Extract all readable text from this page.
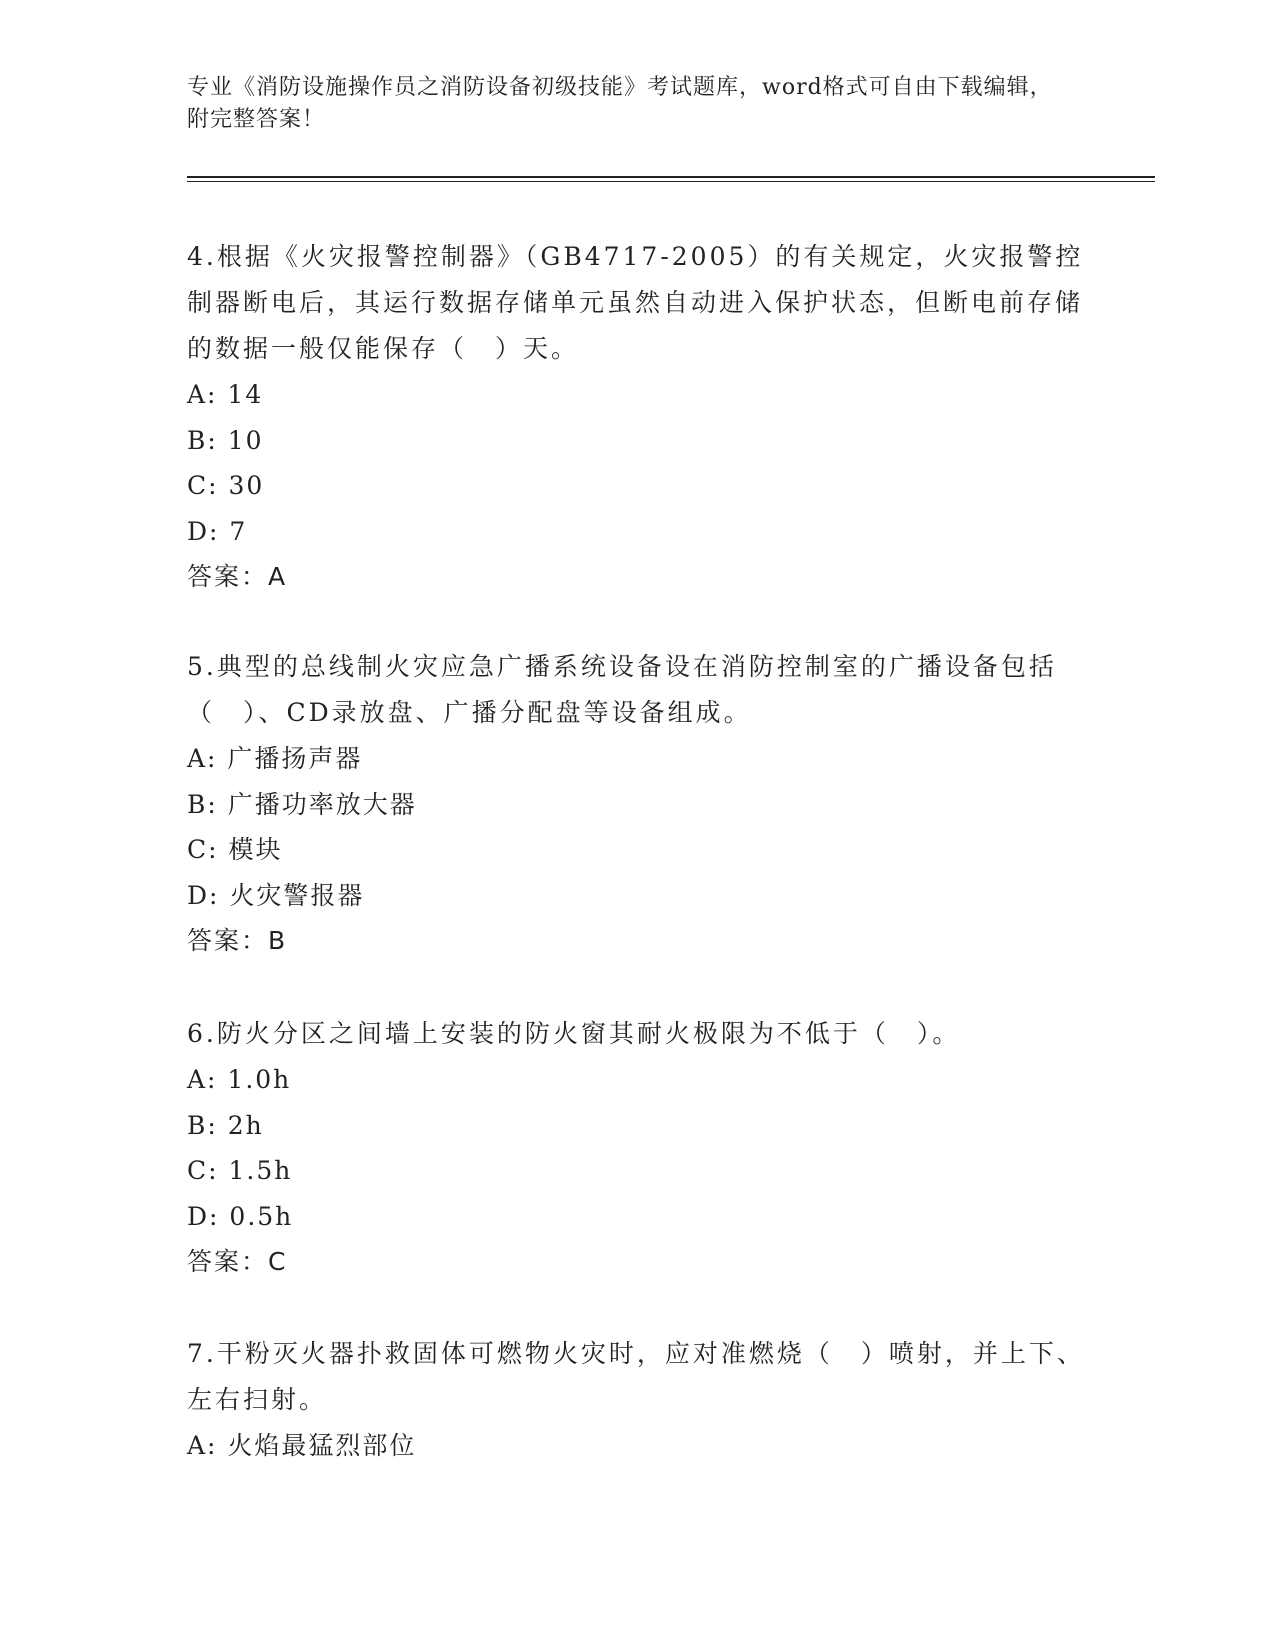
专业《消防设施操作员之消防设备初级技能》考试题库，word格式可自由下载编辑，附完整答案！

4.根据《火灾报警控制器》（GB4717-2005）的有关规定，火灾报警控制器断电后，其运行数据存储单元虽然自动进入保护状态，但断电前存储的数据一般仅能保存（　）天。

A: 14

B: 10

C: 30

D: 7

答案：A

5.典型的总线制火灾应急广播系统设备设在消防控制室的广播设备包括（　）、CD录放盘、广播分配盘等设备组成。

A: 广播扬声器

B: 广播功率放大器

C: 模块

D: 火灾警报器

答案：B

6.防火分区之间墙上安装的防火窗其耐火极限为不低于（　）。

A: 1.0h

B: 2h

C: 1.5h

D: 0.5h

答案：C

7.干粉灭火器扑救固体可燃物火灾时，应对准燃烧（　）喷射，并上下、左右扫射。

A: 火焰最猛烈部位
